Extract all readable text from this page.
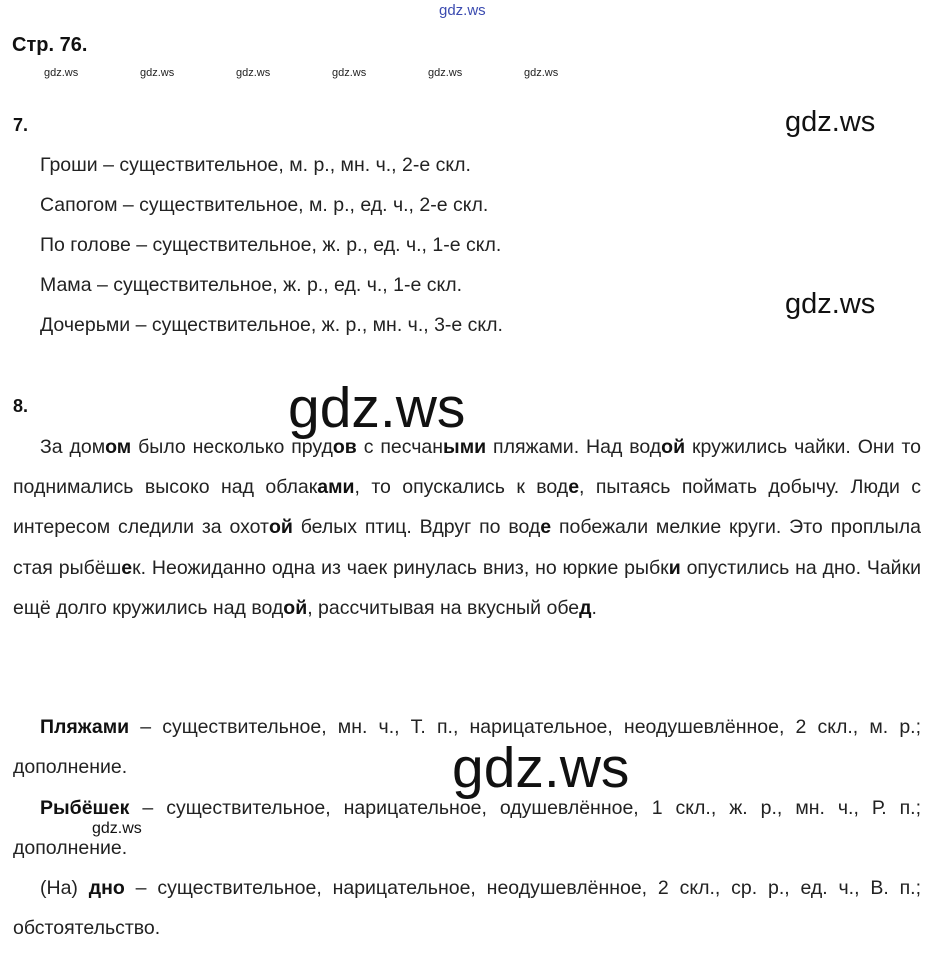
gdz.ws
Стр. 76.
gdz.ws	gdz.ws	gdz.ws	gdz.ws	gdz.ws	gdz.ws
7.	gdz.ws
Гроши – существительное, м. р., мн. ч., 2-е скл.
Сапогом – существительное, м. р., ед. ч., 2-е скл.
По голове – существительное, ж. р., ед. ч., 1-е скл.
Мама – существительное, ж. р., ед. ч., 1-е скл.
Дочерьми – существительное, ж. р., мн. ч., 3-е скл.
gdz.ws
8.	gdz.ws
За домом было несколько прудов с песчаными пляжами. Над водой кружились чайки. Они то поднимались высоко над облаками, то опускались к воде, пытаясь поймать добычу. Люди с интересом следили за охотой белых птиц. Вдруг по воде побежали мелкие круги. Это проплыла стая рыбёшек. Неожиданно одна из чаек ринулась вниз, но юркие рыбки опустились на дно. Чайки ещё долго кружились над водой, рассчитывая на вкусный обед.
gdz.ws
Пляжами – существительное, мн. ч., Т. п., нарицательное, неодушевлённое, 2 скл., м. р.; дополнение.
Рыбёшек – существительное, нарицательное, одушевлённое, 1 скл., ж. р., мн. ч., Р. п.; дополнение.
(На) дно – существительное, нарицательное, неодушевлённое, 2 скл., ср. р., ед. ч., В. п.; обстоятельство.
gdz.ws
